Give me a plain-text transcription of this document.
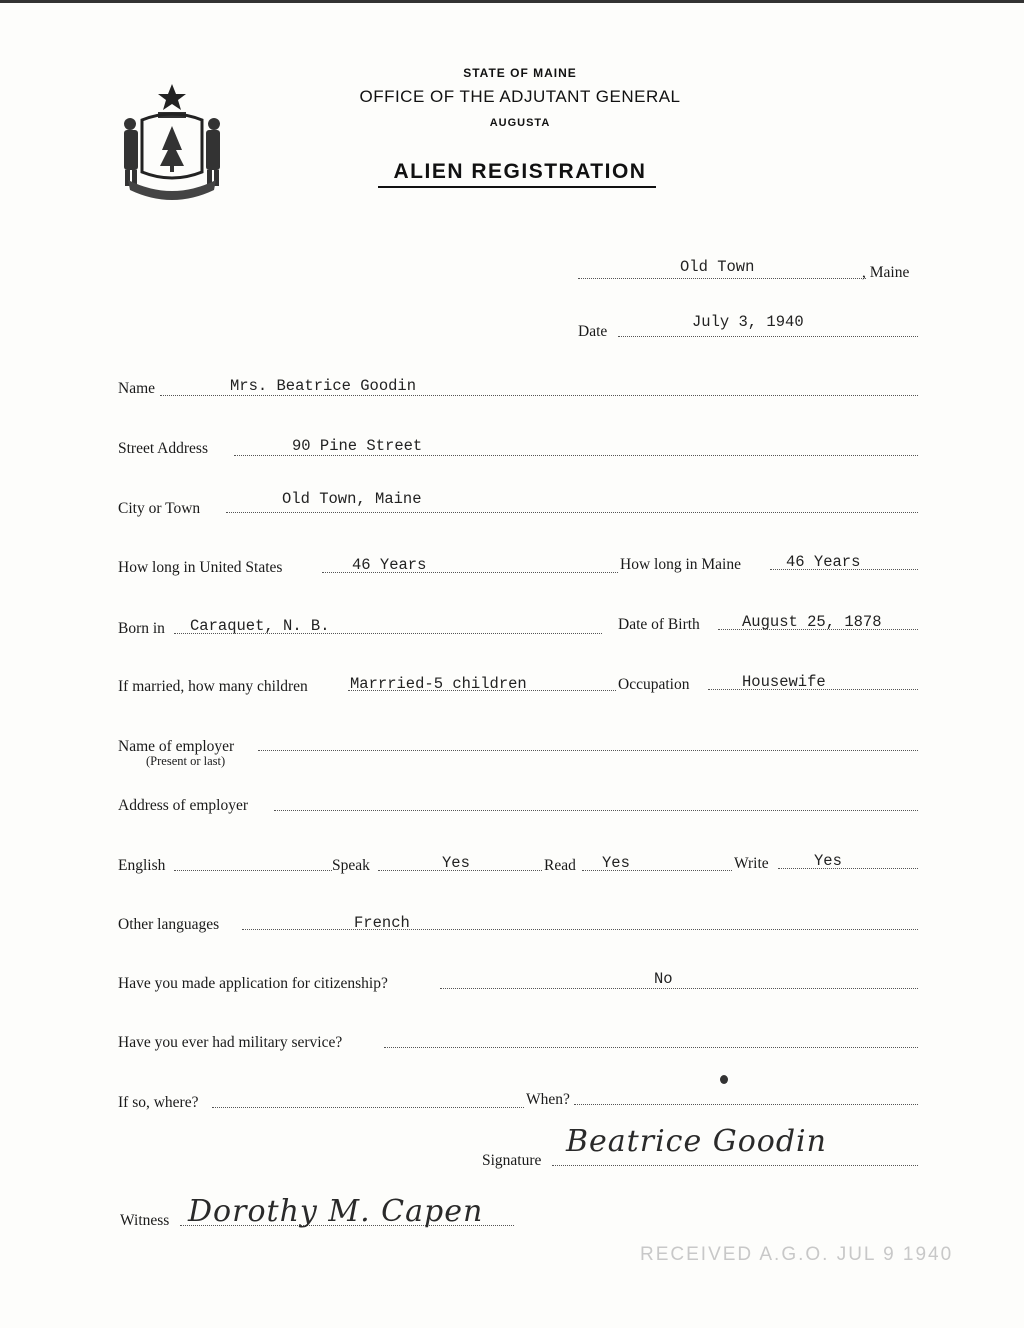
STATE OF MAINE
OFFICE OF THE ADJUTANT GENERAL
AUGUSTA
ALIEN REGISTRATION
Old Town	, Maine
Date
July 3, 1940
Name	Mrs. Beatrice Goodin
Street Address	90 Pine Street
City or Town
Old Town, Maine
How long in United States	46 Years	How long in Maine	46 Years
Born in Caraquet, N. B.	Date of Birth	August 25, 1878
If married, how many children	Marrried-5 children	Occupation	Housewife
Name of employer
(Present or last)
Address of employer
English	Speak	Yes	Read Yes	Write	Yes
Other languages	French
Have you made application for citizenship?	No
Have you ever had military service?
If so, where?	When?
Signature
Beatrice Goodin
Witness Dorothy M. Capen
RECEIVED A.G.O. JUL 9 1940
